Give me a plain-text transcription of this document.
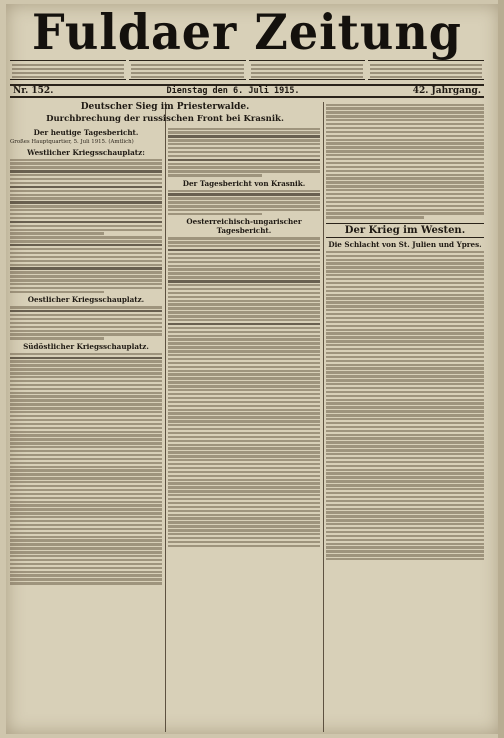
Fuldaer Zeitung
Nr. 152.	Dienstag den 6. Juli 1915.	42. Jahrgang.
Der heutige Tagesbericht.

Großes Hauptquartier, 5. Juli 1915. (Amtlich)

Westlicher Kriegsschauplatz:
Oestlicher Kriegsschauplatz.
Südöstlicher Kriegsschauplatz.
Deutscher Sieg im Priesterwalde.
Durchbrechung der russischen Front bei Krasnik.
Der Tagesbericht von Krasnik.
Oesterreichisch-ungarischer Tagesbericht.	Der Krieg im Westen.
Die Schlacht von St. Julien und Ypres.
